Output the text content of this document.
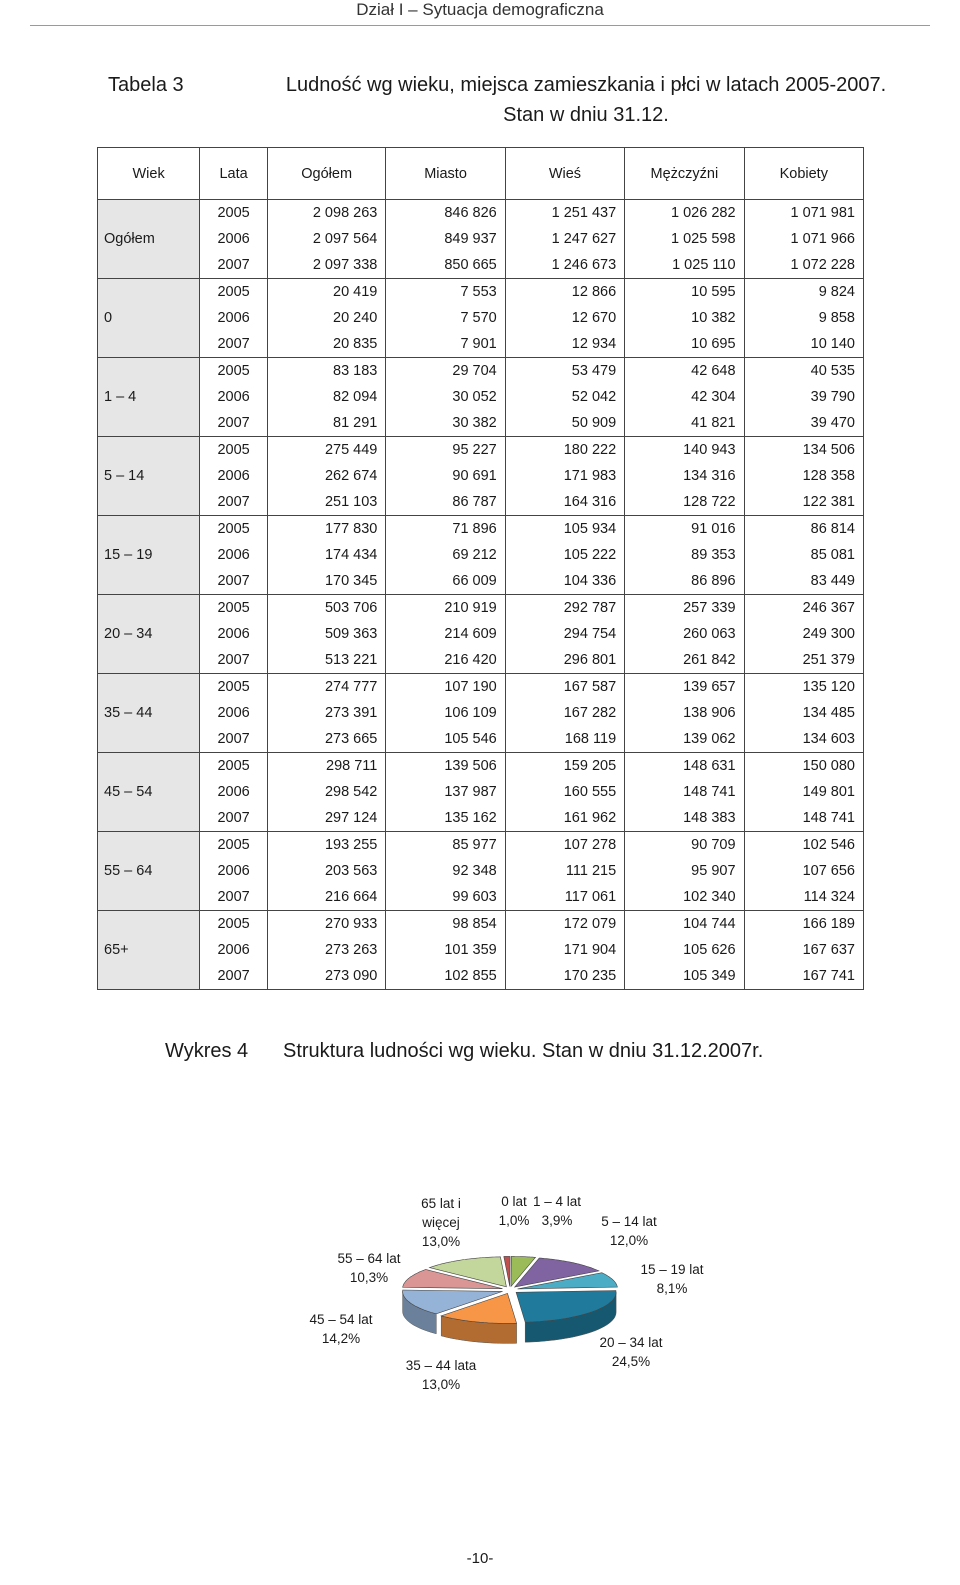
Dział I – Sytuacja demograficzna
Tabela 3	Ludność wg wieku, miejsca zamieszkania i płci w latach 2005-2007.
Stan w dniu 31.12.
Wiek	Lata	Ogółem	Miasto	Wieś	Mężczyźni	Kobiety
Ogółem	2005	2 098 263	846 826	1 251 437	1 026 282	1 071 981
	2006	2 097 564	849 937	1 247 627	1 025 598	1 071 966
	2007	2 097 338	850 665	1 246 673	1 025 110	1 072 228
0	2005	20 419	7 553	12 866	10 595	9 824
	2006	20 240	7 570	12 670	10 382	9 858
	2007	20 835	7 901	12 934	10 695	10 140
1 – 4	2005	83 183	29 704	53 479	42 648	40 535
	2006	82 094	30 052	52 042	42 304	39 790
	2007	81 291	30 382	50 909	41 821	39 470
5 – 14	2005	275 449	95 227	180 222	140 943	134 506
	2006	262 674	90 691	171 983	134 316	128 358
	2007	251 103	86 787	164 316	128 722	122 381
15 – 19	2005	177 830	71 896	105 934	91 016	86 814
	2006	174 434	69 212	105 222	89 353	85 081
	2007	170 345	66 009	104 336	86 896	83 449
20 – 34	2005	503 706	210 919	292 787	257 339	246 367
	2006	509 363	214 609	294 754	260 063	249 300
	2007	513 221	216 420	296 801	261 842	251 379
35 – 44	2005	274 777	107 190	167 587	139 657	135 120
	2006	273 391	106 109	167 282	138 906	134 485
	2007	273 665	105 546	168 119	139 062	134 603
45 – 54	2005	298 711	139 506	159 205	148 631	150 080
	2006	298 542	137 987	160 555	148 741	149 801
	2007	297 124	135 162	161 962	148 383	148 741
55 – 64	2005	193 255	85 977	107 278	90 709	102 546
	2006	203 563	92 348	111 215	95 907	107 656
	2007	216 664	99 603	117 061	102 340	114 324
65+	2005	270 933	98 854	172 079	104 744	166 189
	2006	273 263	101 359	171 904	105 626	167 637
	2007	273 090	102 855	170 235	105 349	167 741
Wykres 4	Struktura ludności wg wieku. Stan w dniu 31.12.2007r.
0 lat
1,0%
1 – 4 lat
3,9%	5 – 14 lat
12,0%
15 – 19 lat
8,1%
20 – 34 lat
24,5%
35 – 44 lata
13,0%
45 – 54 lat
14,2%
55 – 64 lat
10,3%
65 lat i
więcej
13,0%
-10-
